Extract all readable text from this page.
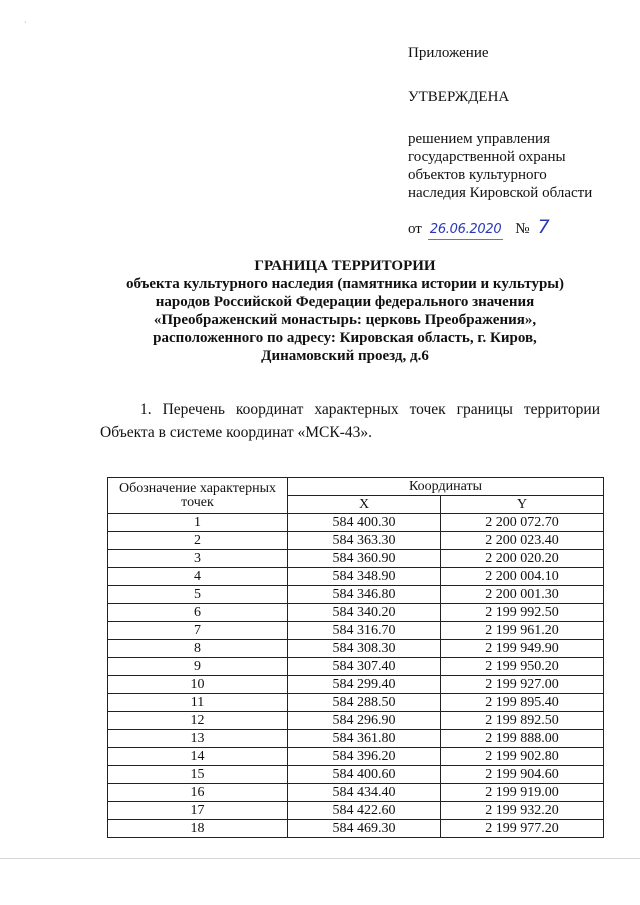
·
Приложение
УТВЕРЖДЕНА
решением управления
государственной охраны
объектов культурного
наследия Кировской области
от 26.06.2020 № 7
ГРАНИЦА ТЕРРИТОРИИ
объекта культурного наследия (памятника истории и культуры)
народов Российской Федерации федерального значения
«Преображенский монастырь: церковь Преображения»,
расположенного по адресу: Кировская область, г. Киров,
Динамовский проезд, д.6
1. Перечень координат характерных точек границы территории Объекта в системе координат «МСК-43».
Обозначение характерных точек	Координаты	
	X	Y
1	584 400.30	2 200 072.70
2	584 363.30	2 200 023.40
3	584 360.90	2 200 020.20
4	584 348.90	2 200 004.10
5	584 346.80	2 200 001.30
6	584 340.20	2 199 992.50
7	584 316.70	2 199 961.20
8	584 308.30	2 199 949.90
9	584 307.40	2 199 950.20
10	584 299.40	2 199 927.00
11	584 288.50	2 199 895.40
12	584 296.90	2 199 892.50
13	584 361.80	2 199 888.00
14	584 396.20	2 199 902.80
15	584 400.60	2 199 904.60
16	584 434.40	2 199 919.00
17	584 422.60	2 199 932.20
18	584 469.30	2 199 977.20
